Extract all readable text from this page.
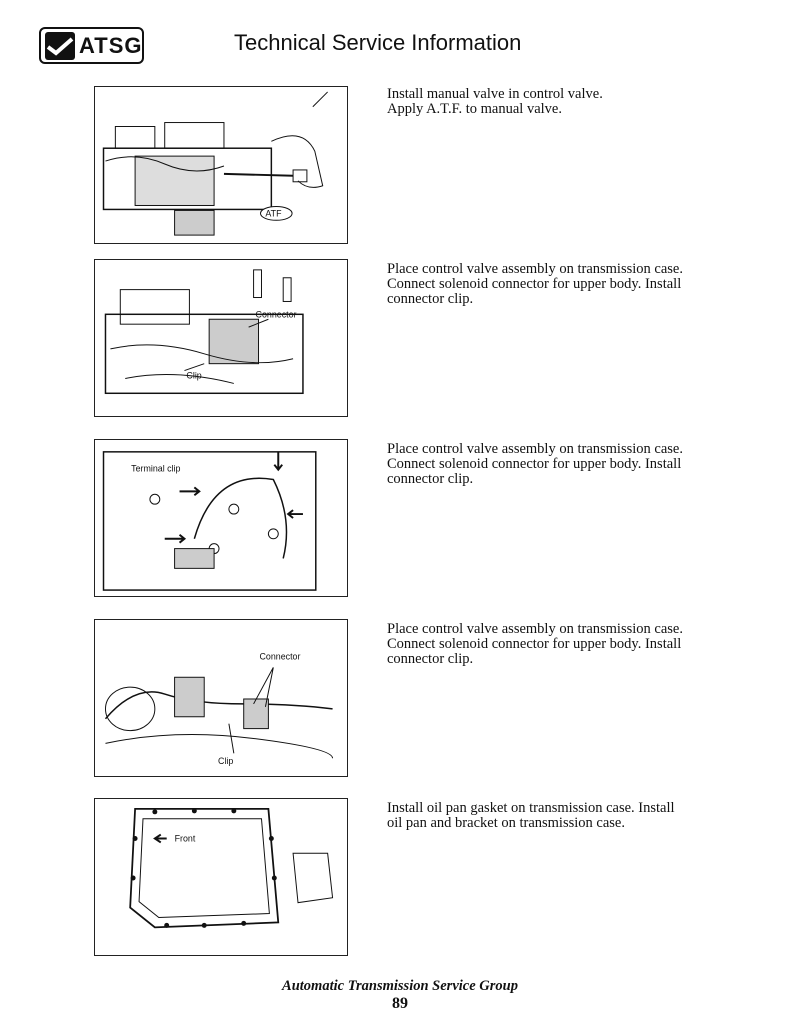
ATSG	Technical Service Information
ATF

Install manual valve in control valve.
Apply A.T.F. to manual valve.

Connector
Clip

Place control valve assembly on transmission case.
Connect solenoid connector for upper body. Install
connector clip.

Terminal clip

Place control valve assembly on transmission case.
Connect solenoid connector for upper body. Install
connector clip.

Connector
Clip

Place control valve assembly on transmission case.
Connect solenoid connector for upper body. Install
connector clip.

Front

Install oil pan gasket on transmission case. Install
oil pan and bracket on transmission case.

Automatic Transmission Service Group
89
